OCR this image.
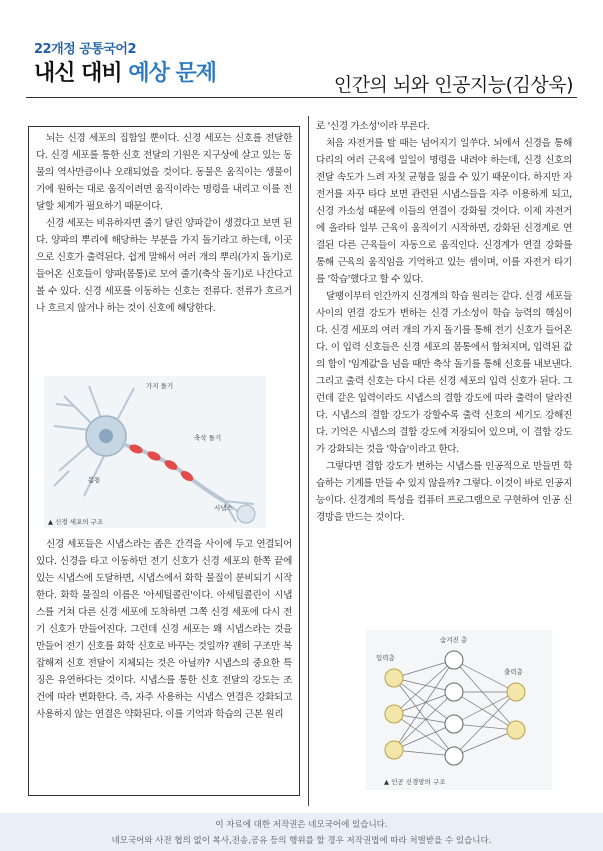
22개정 공통국어2
내신 대비 예상 문제	인간의 뇌와 인공지능(김상욱)

뇌는 신경 세포의 집합일 뿐이다. 신경 세포는 신호를 전달한다. 신경 세포를 통한 신호 전달의 기원은 지구상에 살고 있는 동물의 역사만큼이나 오래되었을 것이다. 동물은 움직이는 생물이기에 원하는 대로 움직이려면 움직이라는 명령을 내리고 이를 전달할 체계가 필요하기 때문이다.

신경 세포는 비유하자면 줄기 달린 양파같이 생겼다고 보면 된다. 양파의 뿌리에 해당하는 부분을 가지 돌기라고 하는데, 이곳으로 신호가 출력된다. 쉽게 말해서 여러 개의 뿌리(가지 돌기)로 들어온 신호들이 양파(몸통)로 모여 줄기(축삭 돌기)로 나간다고 볼 수 있다. 신경 세포를 이동하는 신호는 전류다. 전류가 흐르거나 흐르지 않거나 하는 것이 신호에 해당한다.

가지 돌기
몸통
축삭 돌기
시냅스
▲ 신경 세포의 구조

신경 세포들은 시냅스라는 좁은 간격을 사이에 두고 연결되어 있다. 신경을 타고 이동하던 전기 신호가 신경 세포의 한쪽 끝에 있는 시냅스에 도달하면, 시냅스에서 화학 물질이 분비되기 시작한다. 화학 물질의 이름은 '아세틸콜린'이다. 아세틸콜린이 시냅스를 거쳐 다른 신경 세포에 도착하면 그쪽 신경 세포에 다시 전기 신호가 만들어진다. 그런데 신경 세포는 왜 시냅스라는 것을 만들어 전기 신호를 화학 신호로 바꾸는 것일까? 괜히 구조만 복잡해져 신호 전달이 지체되는 것은 아닐까? 시냅스의 중요한 특징은 유연하다는 것이다. 시냅스를 통한 신호 전달의 강도는 조건에 따라 변화한다. 즉, 자주 사용하는 시냅스 연결은 강화되고 사용하지 않는 연결은 약화된다. 이를 기억과 학습의 근본 원리

로 '신경 가소성'이라 부른다.

처음 자전거를 탈 때는 넘어지기 일쑤다. 뇌에서 신경을 통해 다리의 여러 근육에 일일이 명령을 내려야 하는데, 신경 신호의 전달 속도가 느려 자칫 균형을 잃을 수 있기 때문이다. 하지만 자전거를 자꾸 타다 보면 관련된 시냅스들을 자주 이용하게 되고, 신경 가소성 때문에 이들의 연결이 강화될 것이다. 이제 자전거에 올라타 일부 근육이 움직이기 시작하면, 강화된 신경계로 연결된 다른 근육들이 자동으로 움직인다. 신경계가 연결 강화를 통해 근육의 움직임을 기억하고 있는 셈이며, 이를 자전거 타기를 '학습'했다고 할 수 있다.

달팽이부터 인간까지 신경계의 학습 원리는 같다. 신경 세포들 사이의 연결 강도가 변하는 신경 가소성이 학습 능력의 핵심이다. 신경 세포의 여러 개의 가지 돌기를 통해 전기 신호가 들어온다. 이 입력 신호들은 신경 세포의 몸통에서 합쳐지며, 입력된 값의 합이 '임계값'을 넘을 때만 축삭 돌기를 통해 신호를 내보낸다. 그리고 출력 신호는 다시 다른 신경 세포의 입력 신호가 된다. 그런데 같은 입력이라도 시냅스의 결합 강도에 따라 출력이 달라진다. 시냅스의 결합 강도가 강할수록 출력 신호의 세기도 강해진다. 기억은 시냅스의 결합 강도에 저장되어 있으며, 이 결합 강도가 강화되는 것을 '학습'이라고 한다.

그렇다면 결합 강도가 변하는 시냅스를 인공적으로 만들면 학습하는 기계를 만들 수 있지 않을까? 그렇다. 이것이 바로 인공지능이다. 신경계의 특성을 컴퓨터 프로그램으로 구현하여 인공 신경망을 만드는 것이다.

입력층
숨겨진 층
출력층
▲ 인공 신경망의 구조
이 자료에 대한 저작권은 네모국어에 있습니다.
네모국어와 사전 협의 없이 복사,전송,공유 등의 행위를 할 경우 저작권법에 따라 처벌받을 수 있습니다.
